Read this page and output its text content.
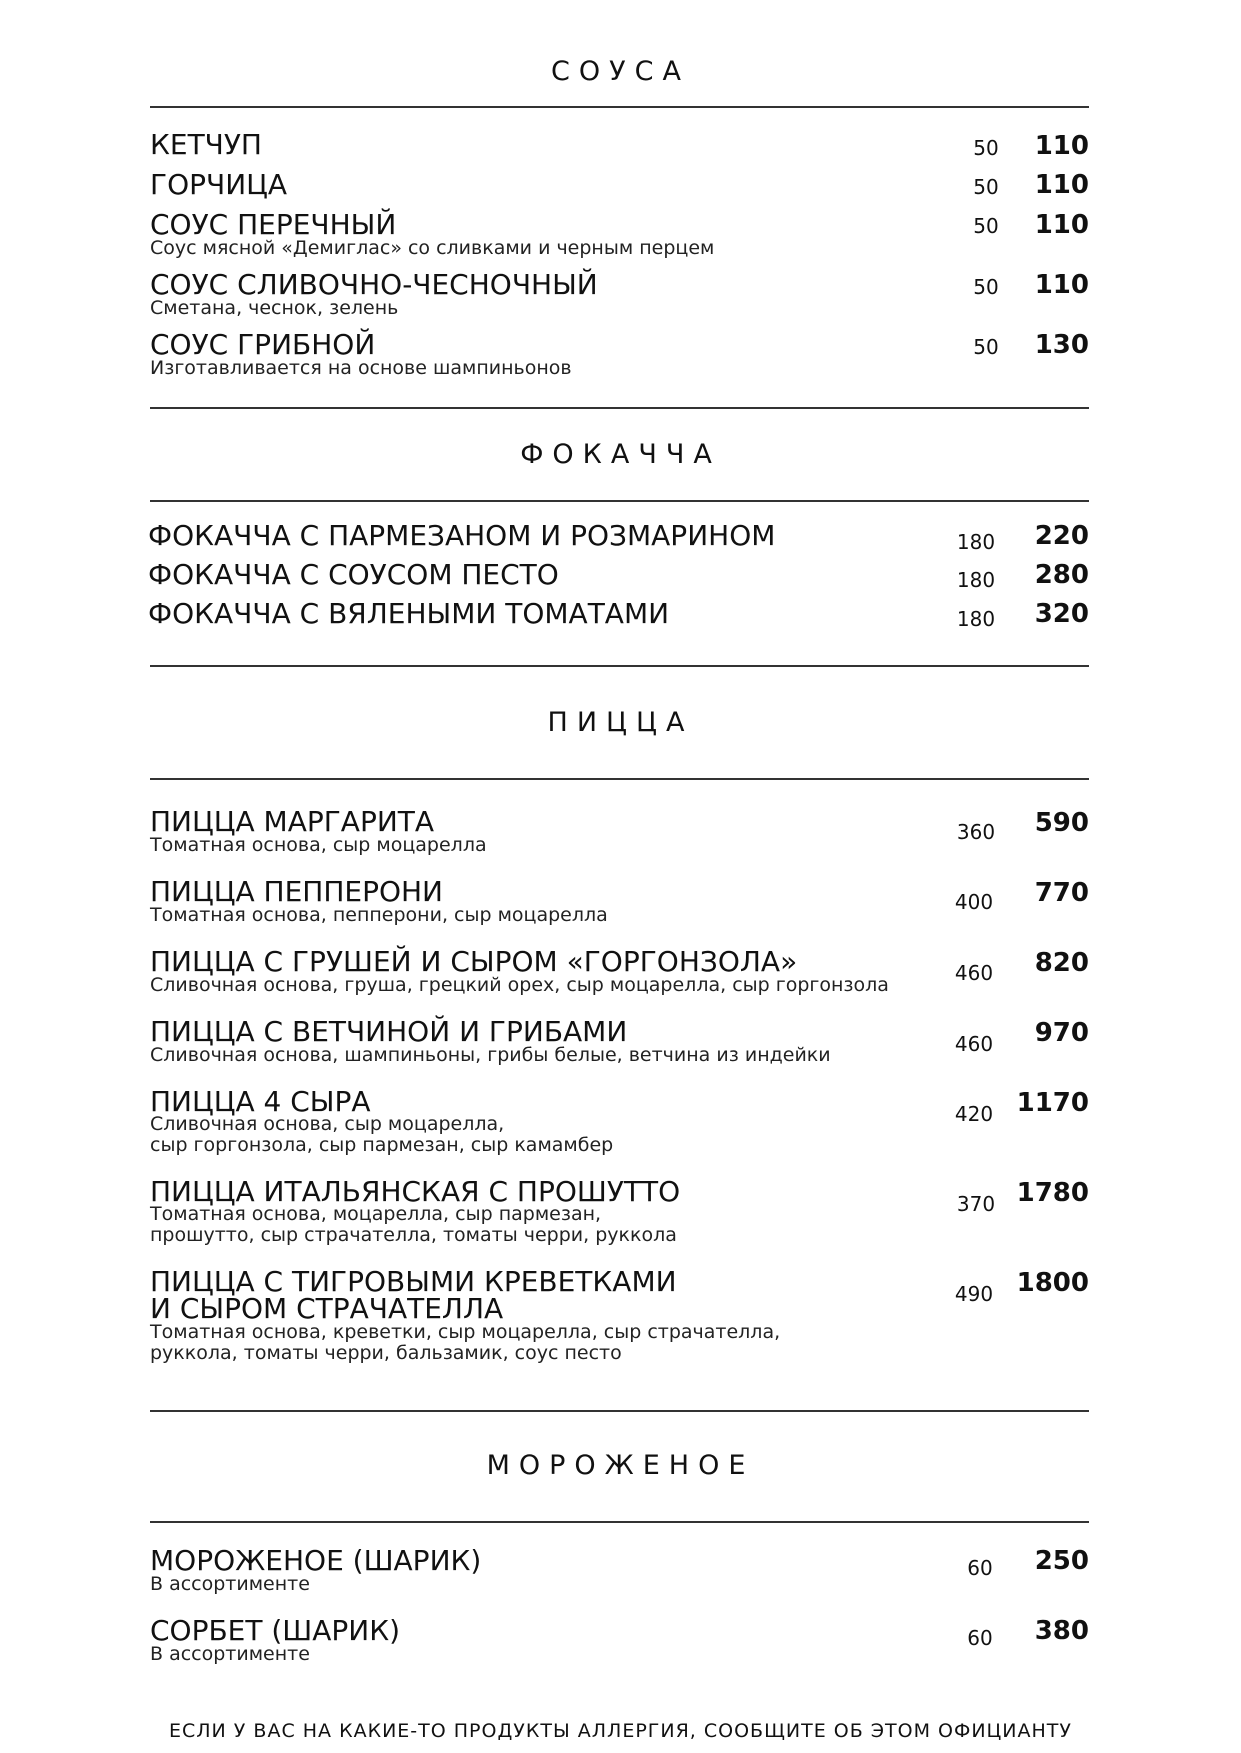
СОУСА
КЕТЧУП	50	110
ГОРЧИЦА	50	110
СОУС ПЕРЕЧНЫЙ
Соус мясной «Демиглас» со сливками и черным перцем
50	110
СОУС СЛИВОЧНО-ЧЕСНОЧНЫЙ
Сметана, чеснок, зелень
50	110
СОУС ГРИБНОЙ
Изготавливается на основе шампиньонов
50	130
ФОКАЧЧА
ФОКАЧЧА С ПАРМЕЗАНОМ И РОЗМАРИНОМ	180	220
ФОКАЧЧА С СОУСОМ ПЕСТО	180	280
ФОКАЧЧА С ВЯЛЕНЫМИ ТОМАТАМИ	180	320
ПИЦЦА
ПИЦЦА МАРГАРИТА
Томатная основа, сыр моцарелла
360	590
ПИЦЦА ПЕППЕРОНИ
Томатная основа, пепперони, сыр моцарелла
400	770
ПИЦЦА С ГРУШЕЙ И СЫРОМ «ГОРГОНЗОЛА»
Сливочная основа, груша, грецкий орех, сыр моцарелла, сыр горгонзола	460	820
ПИЦЦА С ВЕТЧИНОЙ И ГРИБАМИ
Сливочная основа, шампиньоны, грибы белые, ветчина из индейки	460	970
ПИЦЦА 4 СЫРА
Сливочная основа, сыр моцарелла,
сыр горгонзола, сыр пармезан, сыр камамбер
420 1170
ПИЦЦА ИТАЛЬЯНСКАЯ С ПРОШУТТО
Томатная основа, моцарелла, сыр пармезан,
прошутто, сыр страчателла, томаты черри, руккола
370 1780
ПИЦЦА С ТИГРОВЫМИ КРЕВЕТКАМИ
И СЫРОМ СТРАЧАТЕЛЛА
Томатная основа, креветки, сыр моцарелла, сыр страчателла,
руккола, томаты черри, бальзамик, соус песто
490 1800
МОРОЖЕНОЕ
МОРОЖЕНОЕ (ШАРИК)
В ассортименте
60	250
СОРБЕТ (ШАРИК)
В ассортименте
60	380
ЕСЛИ У ВАС НА КАКИЕ-ТО ПРОДУКТЫ АЛЛЕРГИЯ, СООБЩИТЕ ОБ ЭТОМ ОФИЦИАНТУ
